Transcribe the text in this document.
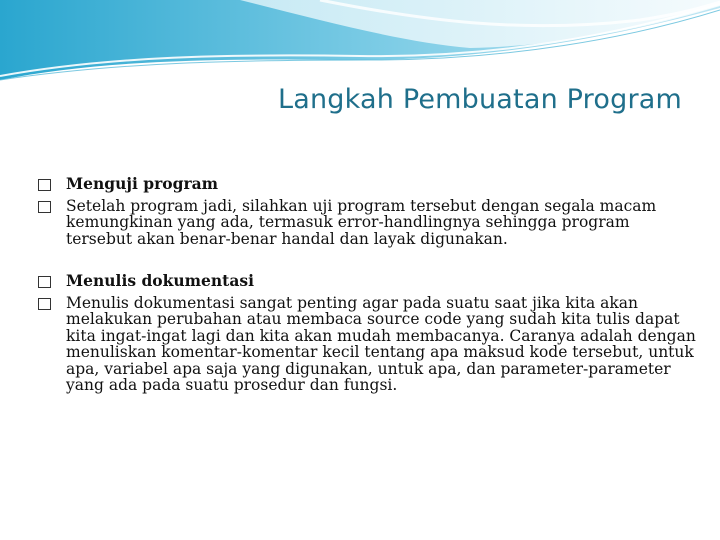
Langkah Pembuatan Program
Menguji program
Setelah program jadi, silahkan uji program tersebut dengan segala macam kemungkinan yang ada, termasuk error-handlingnya sehingga program tersebut akan benar-benar handal dan layak digunakan.
Menulis dokumentasi
Menulis dokumentasi sangat penting agar pada suatu saat jika kita akan melakukan perubahan atau membaca source code yang sudah kita tulis dapat kita ingat-ingat lagi dan kita akan mudah membacanya. Caranya adalah dengan menuliskan komentar-komentar kecil tentang apa maksud kode tersebut, untuk apa, variabel apa saja yang digunakan, untuk apa, dan parameter-parameter yang ada pada suatu prosedur dan fungsi.
